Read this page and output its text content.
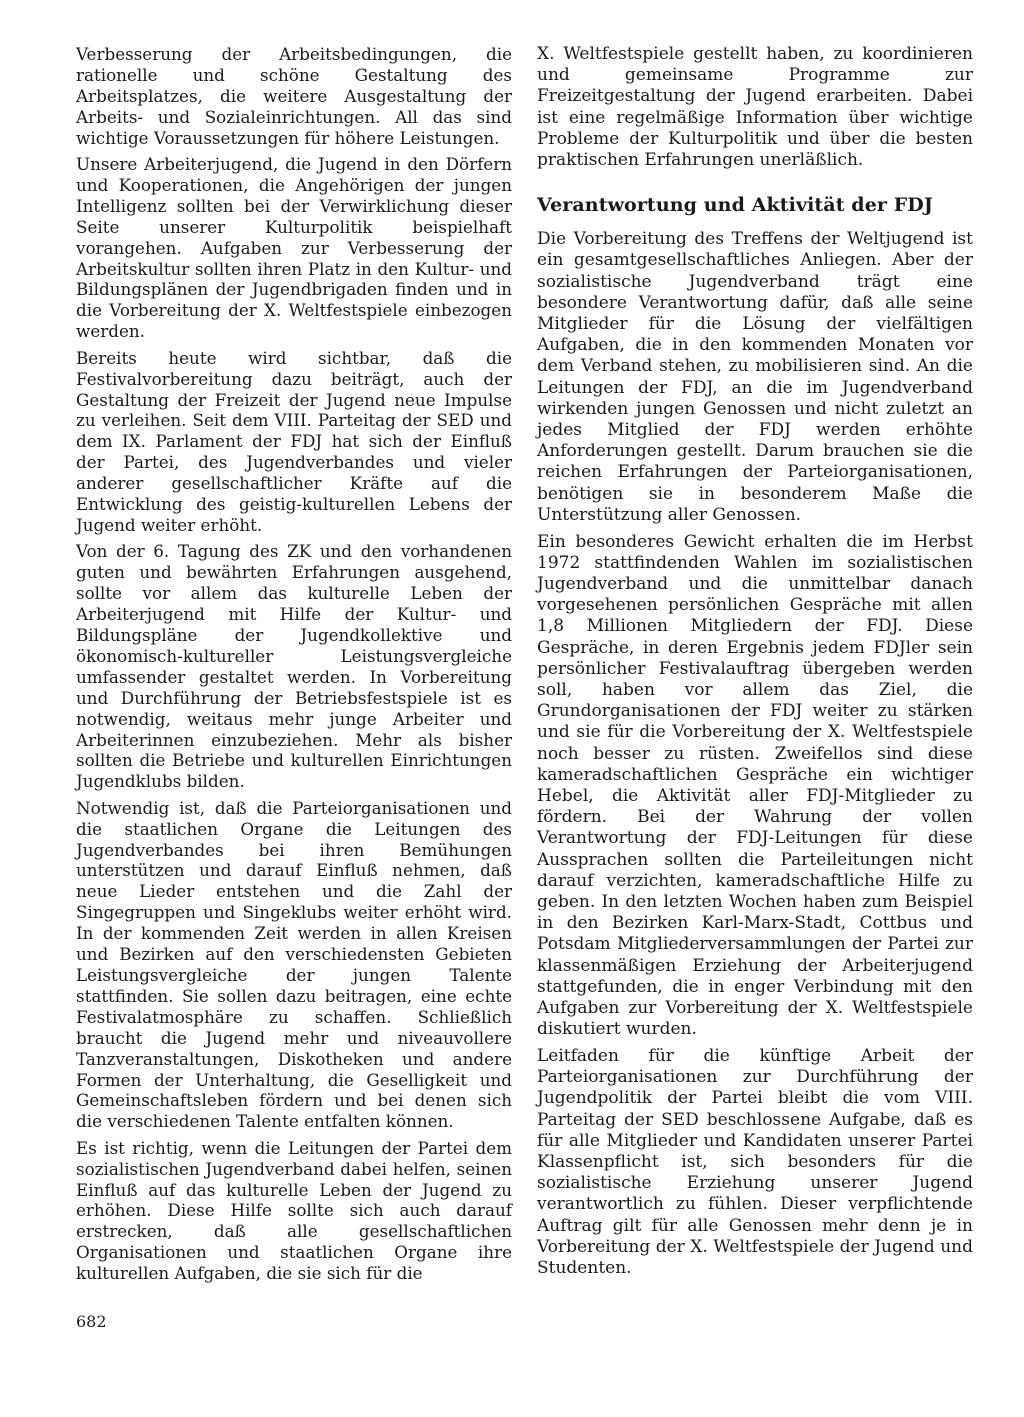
Verbesserung der Arbeitsbedingungen, die rationelle und schöne Gestaltung des Arbeitsplatzes, die weitere Ausgestaltung der Arbeits- und Sozialeinrichtungen. All das sind wichtige Voraussetzungen für höhere Leistungen.

Unsere Arbeiterjugend, die Jugend in den Dörfern und Kooperationen, die Angehörigen der jungen Intelligenz sollten bei der Verwirklichung dieser Seite unserer Kulturpolitik beispielhaft vorangehen. Aufgaben zur Verbesserung der Arbeitskultur sollten ihren Platz in den Kultur- und Bildungsplänen der Jugendbrigaden finden und in die Vorbereitung der X. Weltfestspiele einbezogen werden.

Bereits heute wird sichtbar, daß die Festivalvorbereitung dazu beiträgt, auch der Gestaltung der Freizeit der Jugend neue Impulse zu verleihen. Seit dem VIII. Parteitag der SED und dem IX. Parlament der FDJ hat sich der Einfluß der Partei, des Jugendverbandes und vieler anderer gesellschaftlicher Kräfte auf die Entwicklung des geistig-kulturellen Lebens der Jugend weiter erhöht.

Von der 6. Tagung des ZK und den vorhandenen guten und bewährten Erfahrungen ausgehend, sollte vor allem das kulturelle Leben der Arbeiterjugend mit Hilfe der Kultur- und Bildungspläne der Jugendkollektive und ökonomisch-kultureller Leistungsvergleiche umfassender gestaltet werden. In Vorbereitung und Durchführung der Betriebsfestspiele ist es notwendig, weitaus mehr junge Arbeiter und Arbeiterinnen einzubeziehen. Mehr als bisher sollten die Betriebe und kulturellen Einrichtungen Jugendklubs bilden.

Notwendig ist, daß die Parteiorganisationen und die staatlichen Organe die Leitungen des Jugendverbandes bei ihren Bemühungen unterstützen und darauf Einfluß nehmen, daß neue Lieder entstehen und die Zahl der Singegruppen und Singeklubs weiter erhöht wird. In der kommenden Zeit werden in allen Kreisen und Bezirken auf den verschiedensten Gebieten Leistungsvergleiche der jungen Talente stattfinden. Sie sollen dazu beitragen, eine echte Festivalatmosphäre zu schaffen. Schließlich braucht die Jugend mehr und niveauvollere Tanzveranstaltungen, Diskotheken und andere Formen der Unterhaltung, die Geselligkeit und Gemeinschaftsleben fördern und bei denen sich die verschiedenen Talente entfalten können.

Es ist richtig, wenn die Leitungen der Partei dem sozialistischen Jugendverband dabei helfen, seinen Einfluß auf das kulturelle Leben der Jugend zu erhöhen. Diese Hilfe sollte sich auch darauf erstrecken, daß alle gesellschaftlichen Organisationen und staatlichen Organe ihre kulturellen Aufgaben, die sie sich für die

X. Weltfestspiele gestellt haben, zu koordinieren und gemeinsame Programme zur Freizeitgestaltung der Jugend erarbeiten. Dabei ist eine regelmäßige Information über wichtige Probleme der Kulturpolitik und über die besten praktischen Erfahrungen unerläßlich.

Verantwortung und Aktivität der FDJ

Die Vorbereitung des Treffens der Weltjugend ist ein gesamtgesellschaftliches Anliegen. Aber der sozialistische Jugendverband trägt eine besondere Verantwortung dafür, daß alle seine Mitglieder für die Lösung der vielfältigen Aufgaben, die in den kommenden Monaten vor dem Verband stehen, zu mobilisieren sind. An die Leitungen der FDJ, an die im Jugendverband wirkenden jungen Genossen und nicht zuletzt an jedes Mitglied der FDJ werden erhöhte Anforderungen gestellt. Darum brauchen sie die reichen Erfahrungen der Parteiorganisationen, benötigen sie in besonderem Maße die Unterstützung aller Genossen.

Ein besonderes Gewicht erhalten die im Herbst 1972 stattfindenden Wahlen im sozialistischen Jugendverband und die unmittelbar danach vorgesehenen persönlichen Gespräche mit allen 1,8 Millionen Mitgliedern der FDJ. Diese Gespräche, in deren Ergebnis jedem FDJler sein persönlicher Festivalauftrag übergeben werden soll, haben vor allem das Ziel, die Grundorganisationen der FDJ weiter zu stärken und sie für die Vorbereitung der X. Weltfestspiele noch besser zu rüsten. Zweifellos sind diese kameradschaftlichen Gespräche ein wichtiger Hebel, die Aktivität aller FDJ-Mitglieder zu fördern. Bei der Wahrung der vollen Verantwortung der FDJ-Leitungen für diese Aussprachen sollten die Parteileitungen nicht darauf verzichten, kameradschaftliche Hilfe zu geben. In den letzten Wochen haben zum Beispiel in den Bezirken Karl-Marx-Stadt, Cottbus und Potsdam Mitgliederversammlungen der Partei zur klassenmäßigen Erziehung der Arbeiterjugend stattgefunden, die in enger Verbindung mit den Aufgaben zur Vorbereitung der X. Weltfestspiele diskutiert wurden.

Leitfaden für die künftige Arbeit der Parteiorganisationen zur Durchführung der Jugendpolitik der Partei bleibt die vom VIII. Parteitag der SED beschlossene Aufgabe, daß es für alle Mitglieder und Kandidaten unserer Partei Klassenpflicht ist, sich besonders für die sozialistische Erziehung unserer Jugend verantwortlich zu fühlen. Dieser verpflichtende Auftrag gilt für alle Genossen mehr denn je in Vorbereitung der X. Weltfestspiele der Jugend und Studenten.

682
